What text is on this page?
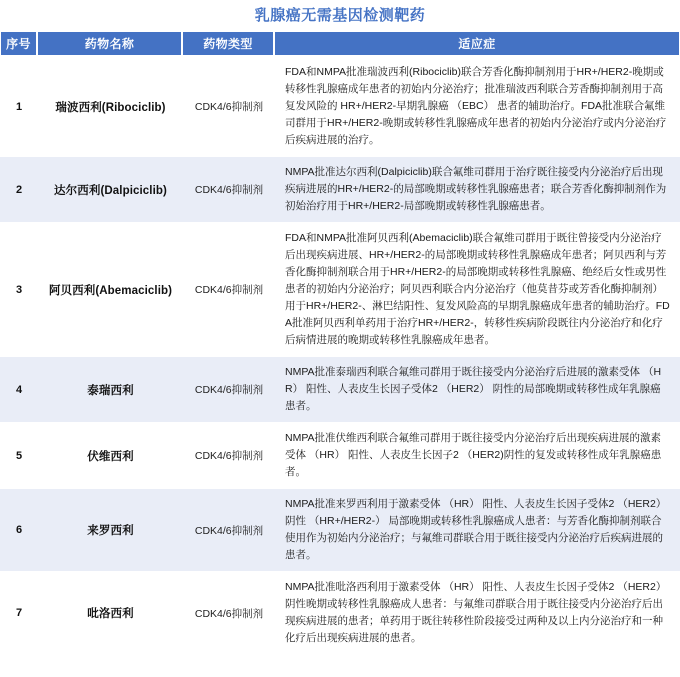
乳腺癌无需基因检测靶药
序号	药物名称	药物类型	适应症
1	瑞波西利(Ribociclib)	CDK4/6抑制剂	FDA和NMPA批准瑞波西利(Ribociclib)联合芳香化酶抑制剂用于HR+/HER2-晚期或转移性乳腺癌成年患者的初始内分泌治疗；批准瑞波西利联合芳香酶抑制剂用于高复发风险的 HR+/HER2-早期乳腺癌 （EBC） 患者的辅助治疗。FDA批准联合氟维司群用于HR+/HER2-晚期或转移性乳腺癌成年患者的初始内分泌治疗或内分泌治疗后疾病进展的治疗。
2	达尔西利(Dalpiciclib)	CDK4/6抑制剂	NMPA批准达尔西利(Dalpiciclib)联合氟维司群用于治疗既往接受内分泌治疗后出现疾病进展的HR+/HER2-的局部晚期或转移性乳腺癌患者；联合芳香化酶抑制剂作为初始治疗用于HR+/HER2-局部晚期或转移性乳腺癌患者。
3	阿贝西利(Abemaciclib)	CDK4/6抑制剂	FDA和NMPA批准阿贝西利(Abemaciclib)联合氟维司群用于既往曾接受内分泌治疗后出现疾病进展、HR+/HER2-的局部晚期或转移性乳腺癌成年患者；阿贝西利与芳香化酶抑制剂联合用于HR+/HER2-的局部晚期或转移性乳腺癌、绝经后女性或男性患者的初始内分泌治疗；阿贝西利联合内分泌治疗（他莫昔芬或芳香化酶抑制剂）用于HR+/HER2-、淋巴结阳性、复发风险高的早期乳腺癌成年患者的辅助治疗。FDA批准阿贝西利单药用于治疗HR+/HER2-，转移性疾病阶段既往内分泌治疗和化疗后病情进展的晚期或转移性乳腺癌成年患者。
4	泰瑞西利	CDK4/6抑制剂	NMPA批准泰瑞西利联合氟维司群用于既往接受内分泌治疗后进展的激素受体 （HR） 阳性、人表皮生长因子受体2 （HER2） 阴性的局部晚期或转移性成年乳腺癌患者。
5	伏维西利	CDK4/6抑制剂	NMPA批准伏维西利联合氟维司群用于既往接受内分泌治疗后出现疾病进展的激素受体 （HR） 阳性、人表皮生长因子2 （HER2)阴性的复发或转移性成年乳腺癌患者。
6	来罗西利	CDK4/6抑制剂	NMPA批准来罗西利用于激素受体 （HR） 阳性、人表皮生长因子受体2 （HER2） 阴性 （HR+/HER2-） 局部晚期或转移性乳腺癌成人患者：与芳香化酶抑制剂联合使用作为初始内分泌治疗；与氟维司群联合用于既往接受内分泌治疗后疾病进展的患者。
7	吡洛西利	CDK4/6抑制剂	NMPA批准吡洛西利用于激素受体 （HR） 阳性、人表皮生长因子受体2 （HER2） 阴性晚期或转移性乳腺癌成人患者：与氟维司群联合用于既往接受内分泌治疗后出现疾病进展的患者；单药用于既往转移性阶段接受过两种及以上内分泌治疗和一种化疗后出现疾病进展的患者。
